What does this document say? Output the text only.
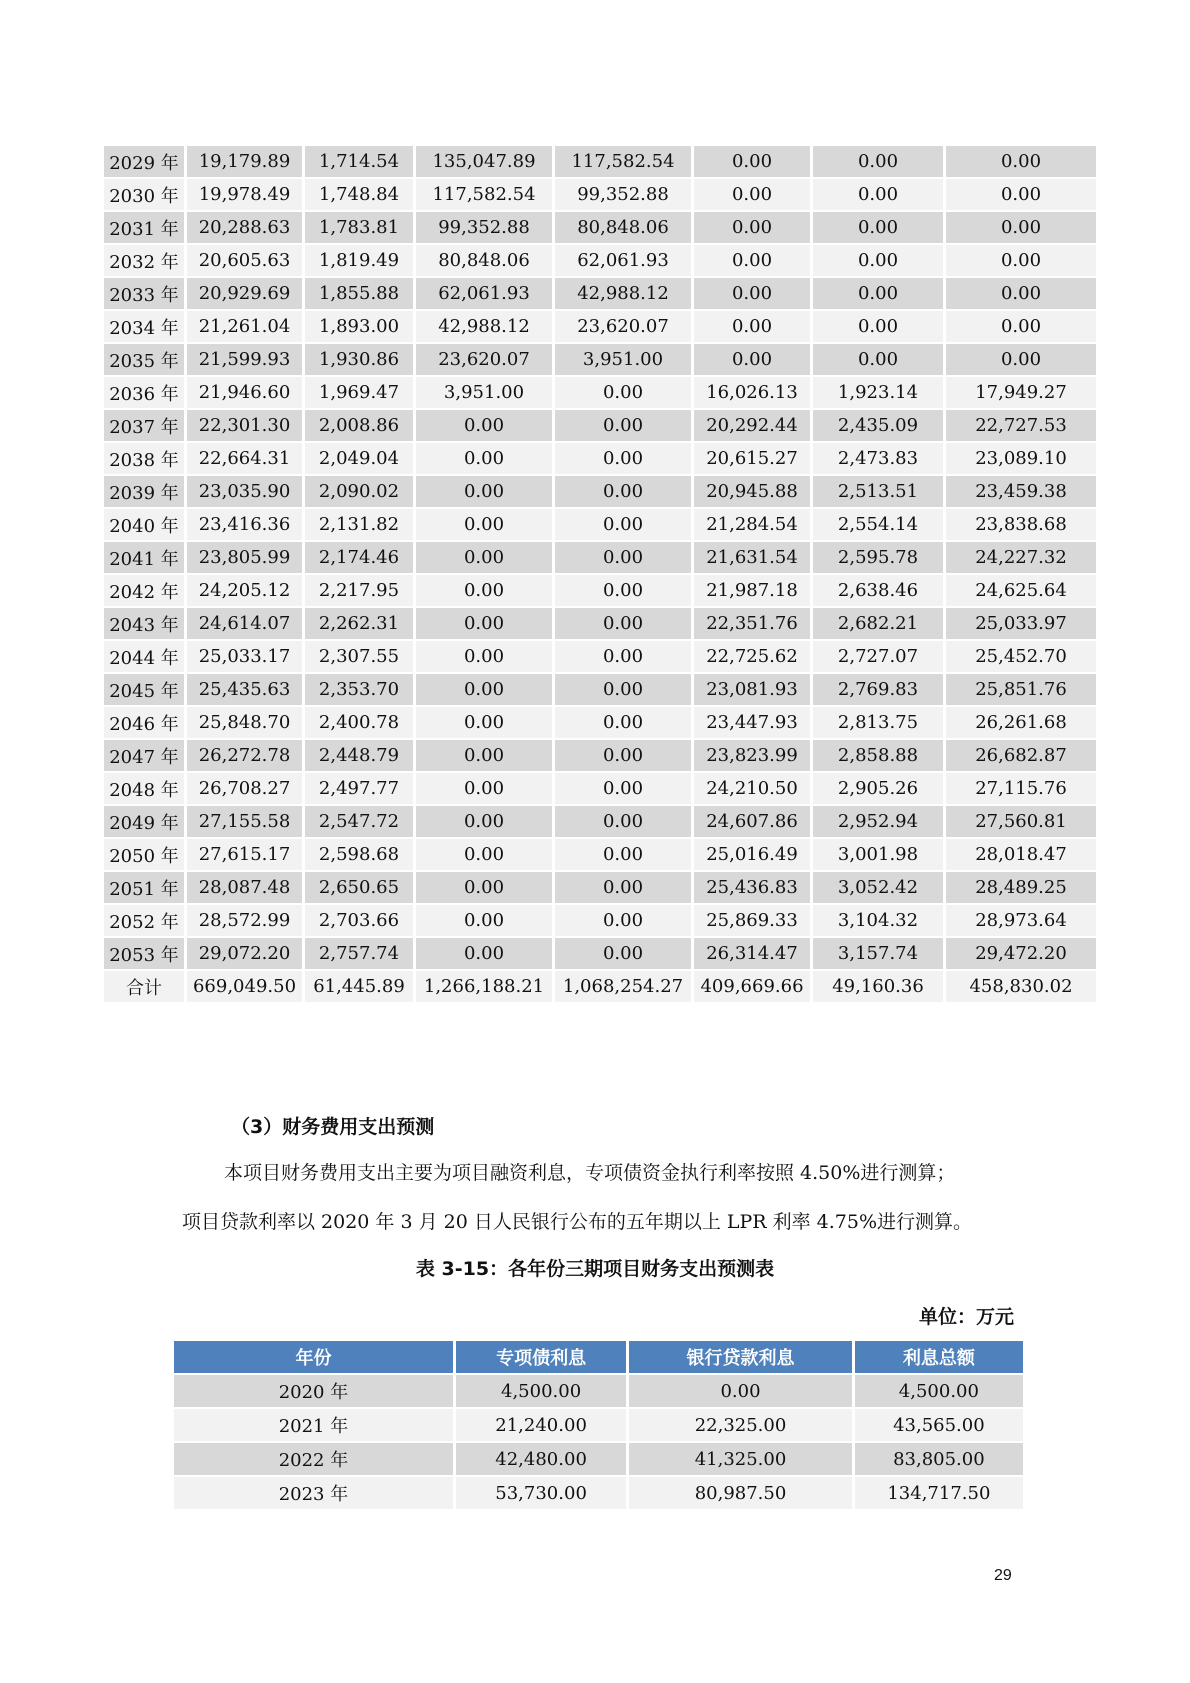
2029 年	19,179.89	1,714.54	135,047.89	117,582.54	0.00	0.00	0.00
2030 年	19,978.49	1,748.84	117,582.54	99,352.88	0.00	0.00	0.00
2031 年	20,288.63	1,783.81	99,352.88	80,848.06	0.00	0.00	0.00
2032 年	20,605.63	1,819.49	80,848.06	62,061.93	0.00	0.00	0.00
2033 年	20,929.69	1,855.88	62,061.93	42,988.12	0.00	0.00	0.00
2034 年	21,261.04	1,893.00	42,988.12	23,620.07	0.00	0.00	0.00
2035 年	21,599.93	1,930.86	23,620.07	3,951.00	0.00	0.00	0.00
2036 年	21,946.60	1,969.47	3,951.00	0.00	16,026.13	1,923.14	17,949.27
2037 年	22,301.30	2,008.86	0.00	0.00	20,292.44	2,435.09	22,727.53
2038 年	22,664.31	2,049.04	0.00	0.00	20,615.27	2,473.83	23,089.10
2039 年	23,035.90	2,090.02	0.00	0.00	20,945.88	2,513.51	23,459.38
2040 年	23,416.36	2,131.82	0.00	0.00	21,284.54	2,554.14	23,838.68
2041 年	23,805.99	2,174.46	0.00	0.00	21,631.54	2,595.78	24,227.32
2042 年	24,205.12	2,217.95	0.00	0.00	21,987.18	2,638.46	24,625.64
2043 年	24,614.07	2,262.31	0.00	0.00	22,351.76	2,682.21	25,033.97
2044 年	25,033.17	2,307.55	0.00	0.00	22,725.62	2,727.07	25,452.70
2045 年	25,435.63	2,353.70	0.00	0.00	23,081.93	2,769.83	25,851.76
2046 年	25,848.70	2,400.78	0.00	0.00	23,447.93	2,813.75	26,261.68
2047 年	26,272.78	2,448.79	0.00	0.00	23,823.99	2,858.88	26,682.87
2048 年	26,708.27	2,497.77	0.00	0.00	24,210.50	2,905.26	27,115.76
2049 年	27,155.58	2,547.72	0.00	0.00	24,607.86	2,952.94	27,560.81
2050 年	27,615.17	2,598.68	0.00	0.00	25,016.49	3,001.98	28,018.47
2051 年	28,087.48	2,650.65	0.00	0.00	25,436.83	3,052.42	28,489.25
2052 年	28,572.99	2,703.66	0.00	0.00	25,869.33	3,104.32	28,973.64
2053 年	29,072.20	2,757.74	0.00	0.00	26,314.47	3,157.74	29,472.20
合计	669,049.50	61,445.89	1,266,188.21	1,068,254.27	409,669.66	49,160.36	458,830.02
（3）财务费用支出预测
本项目财务费用支出主要为项目融资利息，专项债资金执行利率按照 4.50%进行测算；
项目贷款利率以 2020 年 3 月 20 日人民银行公布的五年期以上 LPR 利率 4.75%进行测算。
表 3-15：各年份三期项目财务支出预测表
单位：万元
年份	专项债利息	银行贷款利息	利息总额
2020 年	4,500.00	0.00	4,500.00
2021 年	21,240.00	22,325.00	43,565.00
2022 年	42,480.00	41,325.00	83,805.00
2023 年	53,730.00	80,987.50	134,717.50
29
